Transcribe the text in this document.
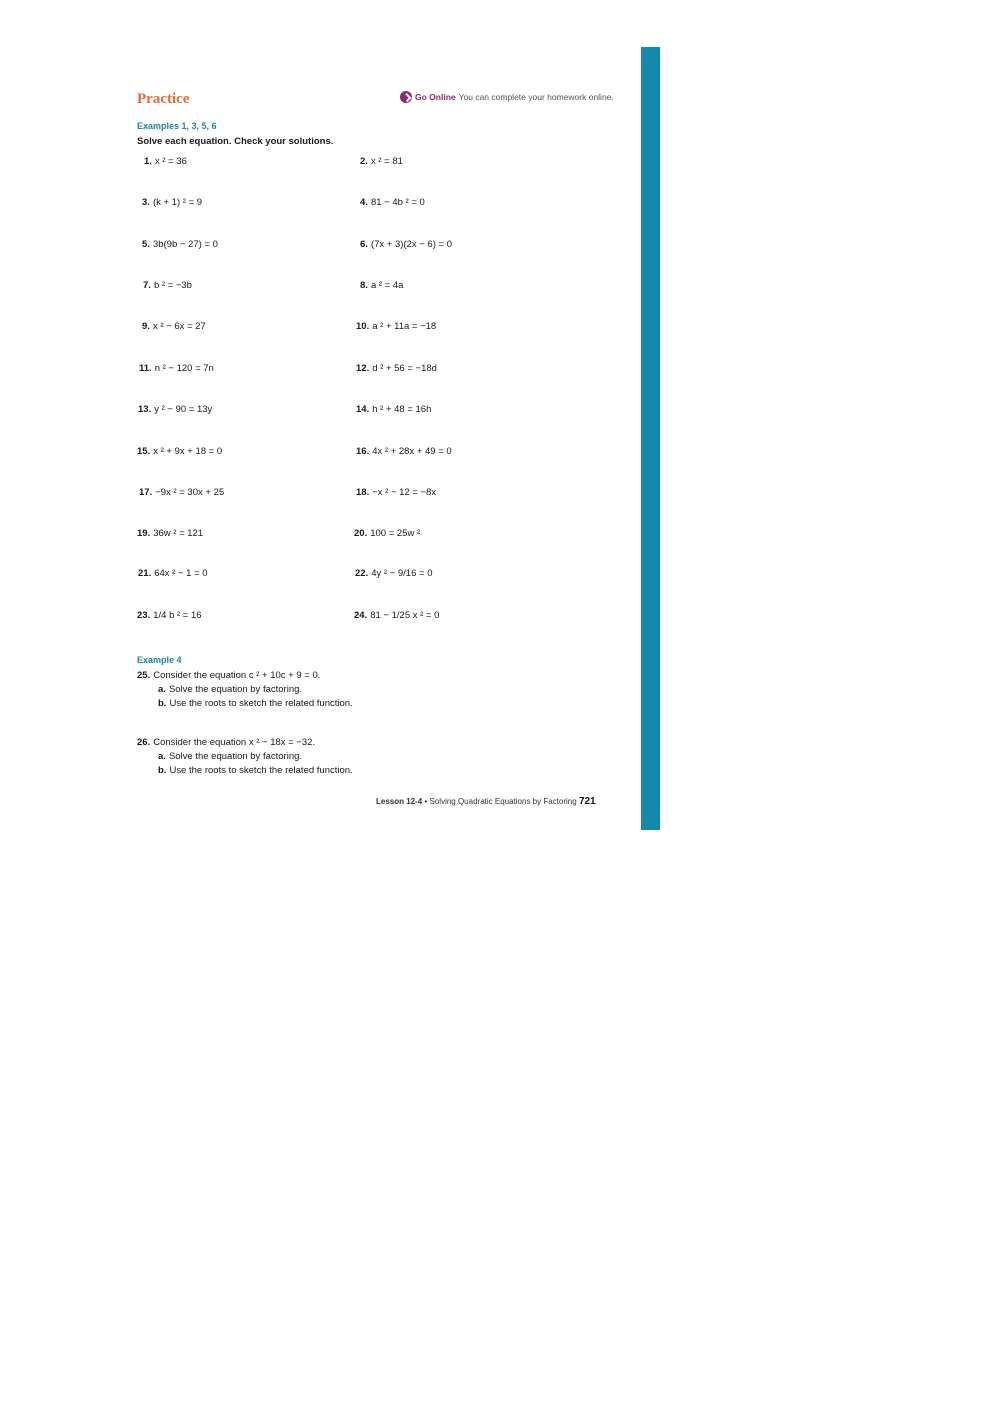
Practice	Go Online You can complete your homework online.
Examples 1, 3, 5, 6
Solve each equation. Check your solutions.
1. x ² = 36	2. x ² = 81
3. (k + 1) ² = 9	4. 81 − 4b ² = 0
5. 3b(9b − 27) = 0	6. (7x + 3)(2x − 6) = 0
7. b ² = −3b	8. a ² = 4a
9. x ² − 6x = 27	10. a ² + 11a = −18
11. n ² − 120 = 7n	12. d ² + 56 = −18d
13. y ² − 90 = 13y	14. h ² + 48 = 16h
15. x ² + 9x + 18 = 0	16. 4x ² + 28x + 49 = 0
17. −9x ² = 30x + 25	18. −x ² − 12 = −8x
19. 36w ² = 121	20. 100 = 25w ²
21. 64x ² − 1 = 0	22. 4y ² − 9/16 = 0
23. 1/4 b ² = 16	24. 81 − 1/25 x ² = 0
Example 4
25. Consider the equation c ² + 10c + 9 = 0.
a. Solve the equation by factoring.
b. Use the roots to sketch the related function.
26. Consider the equation x ² − 18x = −32.
a. Solve the equation by factoring.
b. Use the roots to sketch the related function.
Lesson 12-4 • Solving Quadratic Equations by Factoring 721
